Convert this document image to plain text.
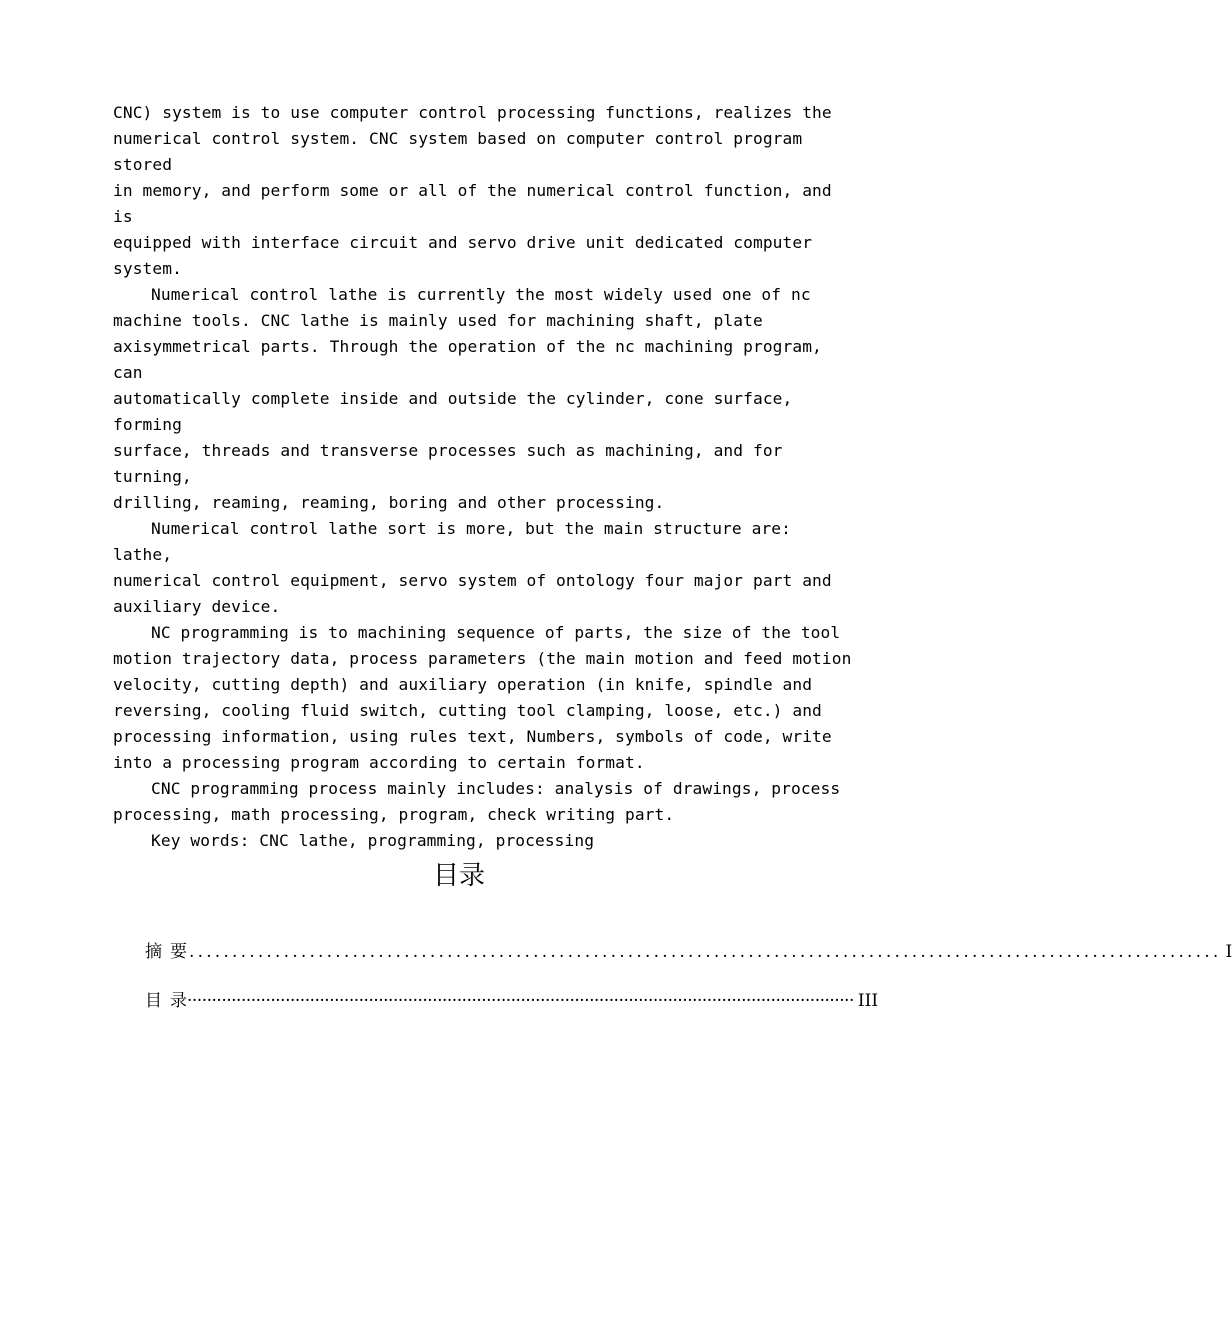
CNC) system is to use computer control processing functions, realizes the
numerical control system. CNC system based on computer control program stored
in memory, and perform some or all of the numerical control function, and is
equipped with interface circuit and servo drive unit dedicated computer
system.

Numerical control lathe is currently the most widely used one of nc
machine tools. CNC lathe is mainly used for machining shaft, plate
axisymmetrical parts. Through the operation of the nc machining program, can
automatically complete inside and outside the cylinder, cone surface, forming
surface, threads and transverse processes such as machining, and for turning,
drilling, reaming, reaming, boring and other processing.

Numerical control lathe sort is more, but the main structure are: lathe,
numerical control equipment, servo system of ontology four major part and
auxiliary device.

NC programming is to machining sequence of parts, the size of the tool
motion trajectory data, process parameters (the main motion and feed motion
velocity, cutting depth) and auxiliary operation (in knife, spindle and
reversing, cooling fluid switch, cutting tool clamping, loose, etc.) and
processing information, using rules text, Numbers, symbols of code, write
into a processing program according to certain format.

CNC programming process mainly includes: analysis of drawings, process
processing, math processing, program, check writing part.

Key words: CNC lathe, programming, processing

目录
摘要
........................................................................................................................ I
目录
········································································································································ III
